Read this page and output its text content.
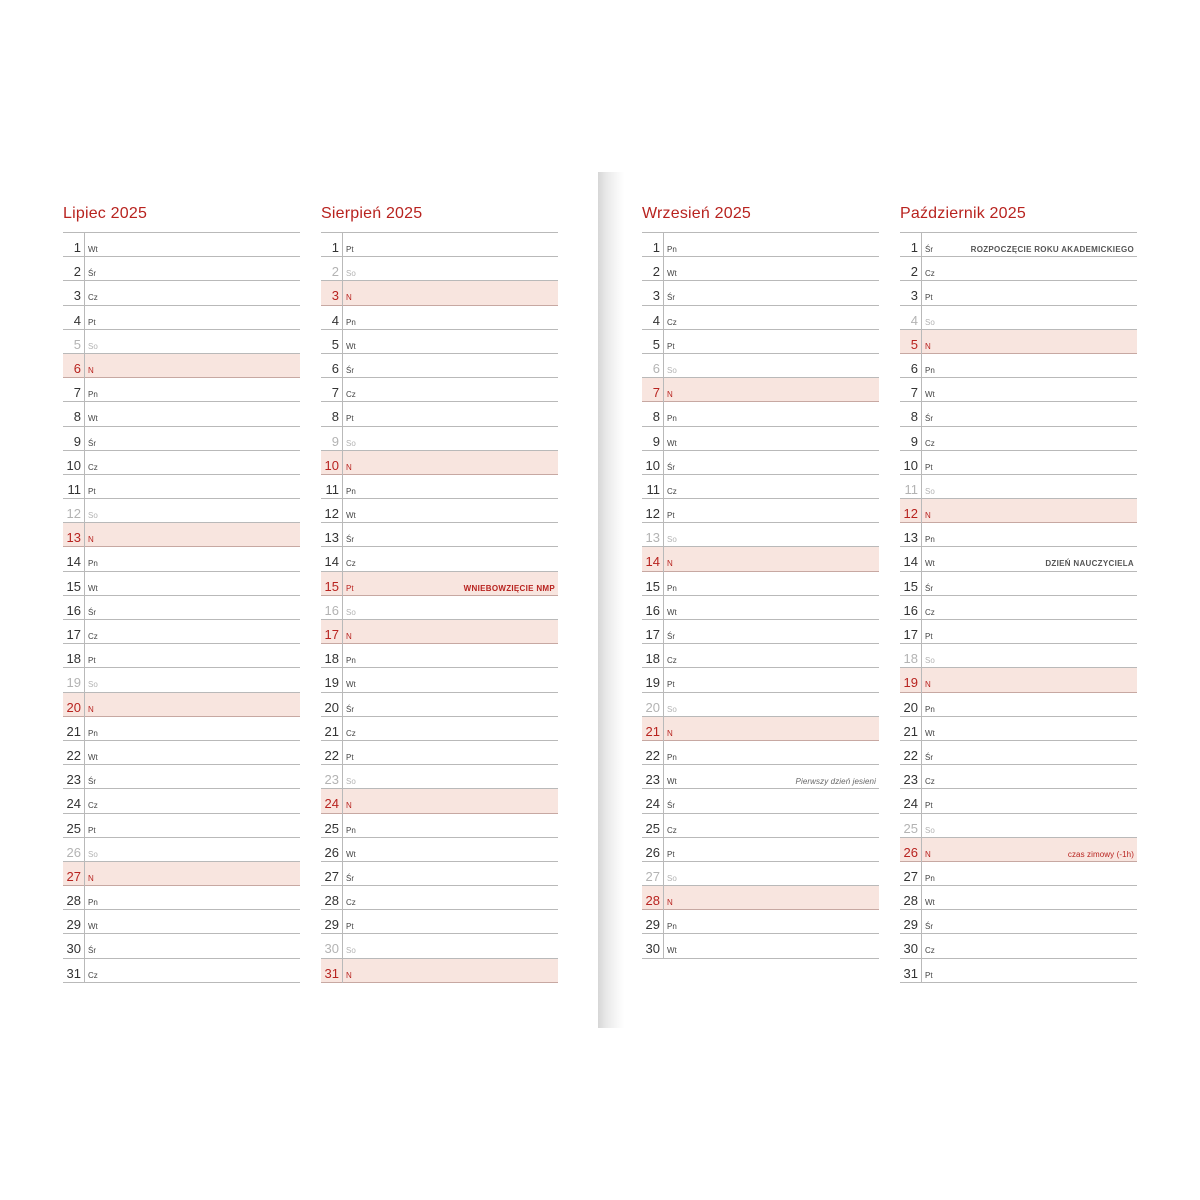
Lipiec 2025
1 Wt
2 Śr
3 Cz
4 Pt
5 So
6 N
7 Pn
8 Wt
9 Śr
10 Cz
11 Pt
12 So
13 N
14 Pn
15 Wt
16 Śr
17 Cz
18 Pt
19 So
20 N
21 Pn
22 Wt
23 Śr
24 Cz
25 Pt
26 So
27 N
28 Pn
29 Wt
30 Śr
31 Cz
Sierpień 2025
1 Pt
2 So
3 N
4 Pn
5 Wt
6 Śr
7 Cz
8 Pt
9 So
10 N
11 Pn
12 Wt
13 Śr
14 Cz
15 Pt	WNIEBOWZIĘCIE NMP
16 So
17 N
18 Pn
19 Wt
20 Śr
21 Cz
22 Pt
23 So
24 N
25 Pn
26 Wt
27 Śr
28 Cz
29 Pt
30 So
31 N
Wrzesień 2025
1 Pn
2 Wt
3 Śr
4 Cz
5 Pt
6 So
7 N
8 Pn
9 Wt
10 Śr
11 Cz
12 Pt
13 So
14 N
15 Pn
16 Wt
17 Śr
18 Cz
19 Pt
20 So
21 N
22 Pn
23 Wt	Pierwszy dzień jesieni
24 Śr
25 Cz
26 Pt
27 So
28 N
29 Pn
30 Wt
Październik 2025
1 Śr	ROZPOCZĘCIE ROKU AKADEMICKIEGO
2 Cz
3 Pt
4 So
5 N
6 Pn
7 Wt
8 Śr
9 Cz
10 Pt
11 So
12 N
13 Pn
14 Wt	DZIEŃ NAUCZYCIELA
15 Śr
16 Cz
17 Pt
18 So
19 N
20 Pn
21 Wt
22 Śr
23 Cz
24 Pt
25 So
26 N	czas zimowy (-1h)
27 Pn
28 Wt
29 Śr
30 Cz
31 Pt
